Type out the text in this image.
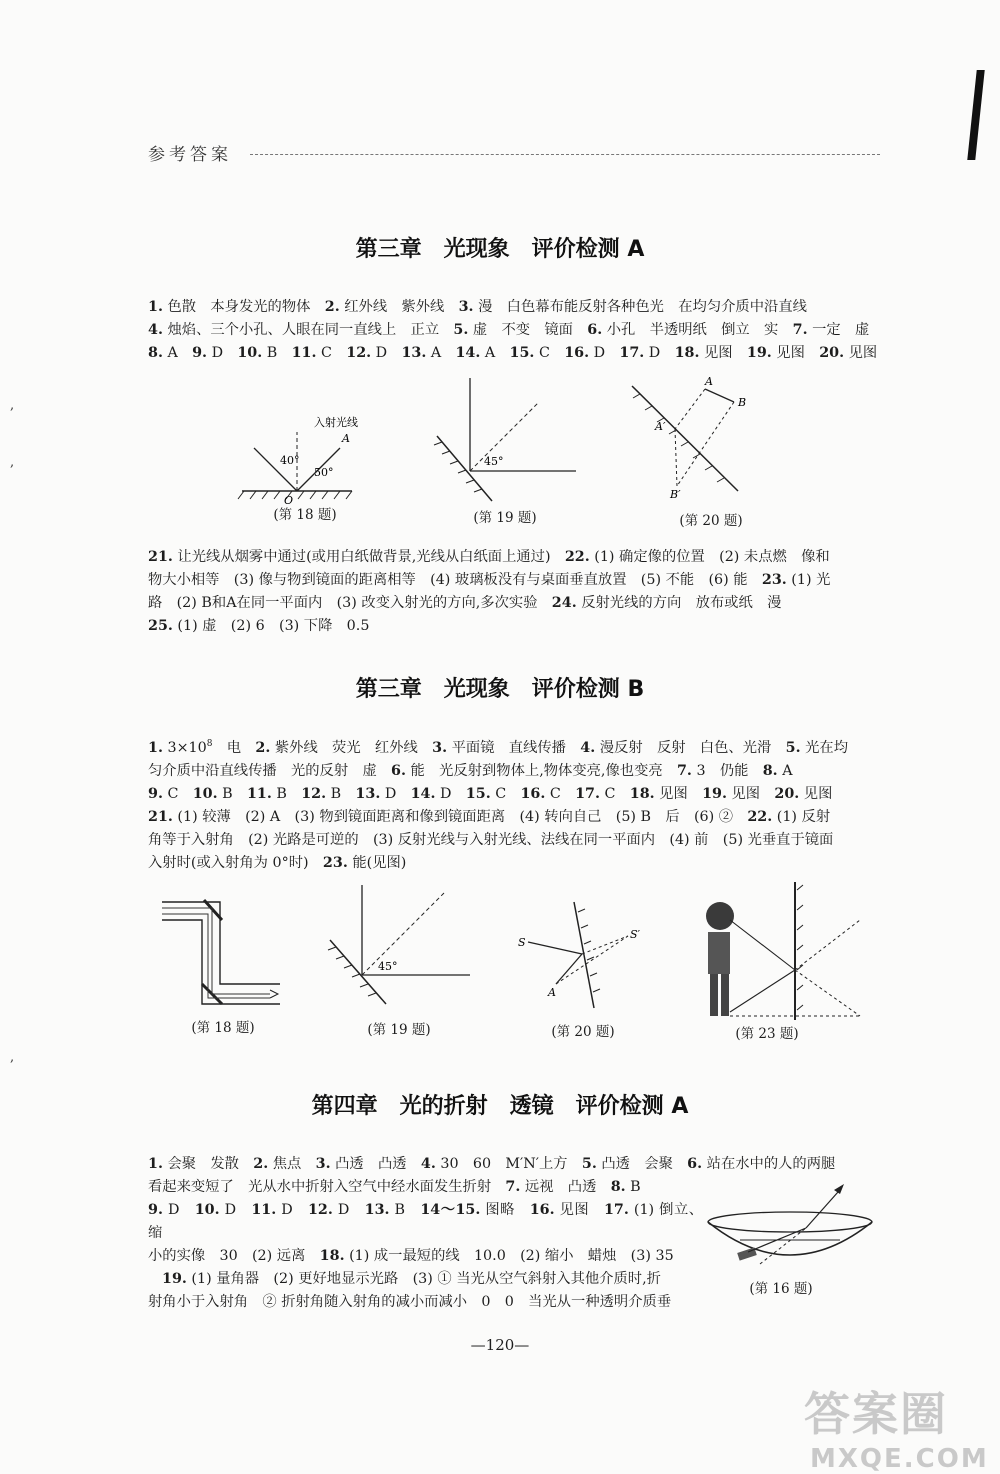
参考答案
第三章　光现象　评价检测 A
1. 色散　本身发光的物体　2. 红外线　紫外线　3. 漫　白色幕布能反射各种色光　在均匀介质中沿直线
4. 烛焰、三个小孔、人眼在同一直线上　正立　5. 虚　不变　镜面　6. 小孔　半透明纸　倒立　实　7. 一定　虚
8. A　9. D　10. B　11. C　12. D　13. A　14. A　15. C　16. D　17. D　18. 见图　19. 见图　20. 见图
入射光线
A
40°
50°
O
45°
A
B
A′
B′
(第 18 题)	(第 19 题)	(第 20 题)
21. 让光线从烟雾中通过(或用白纸做背景,光线从白纸面上通过)　22. (1) 确定像的位置　(2) 未点燃　像和
物大小相等　(3) 像与物到镜面的距离相等　(4) 玻璃板没有与桌面垂直放置　(5) 不能　(6) 能　23. (1) 光
路　(2) B和A在同一平面内　(3) 改变入射光的方向,多次实验　24. 反射光线的方向　放布或纸　漫
25. (1) 虚　(2) 6　(3) 下降　0.5
第三章　光现象　评价检测 B
1. $3\times 10^8$　电　2. 紫外线　荧光　红外线　3. 平面镜　直线传播　4. 漫反射　反射　白色、光滑　5. 光在均
匀介质中沿直线传播　光的反射　虚　6. 能　光反射到物体上,物体变亮,像也变亮　7. 3　仍能　8. A
9. C　10. B　11. B　12. B　13. D　14. D　15. C　16. C　17. C　18. 见图　19. 见图　20. 见图
21. (1) 较薄　(2) A　(3) 物到镜面距离和像到镜面距离　(4) 转向自己　(5) B　后　(6) ②　22. (1) 反射
角等于入射角　(2) 光路是可逆的　(3) 反射光线与入射光线、法线在同一平面内　(4) 前　(5) 光垂直于镜面
入射时(或入射角为 0°时)　23. 能(见图)
45°
S
S′
A
(第 18 题)	(第 19 题)	(第 20 题)	(第 23 题)
第四章　光的折射　透镜　评价检测 A
1. 会聚　发散　2. 焦点　3. 凸透　凸透　4. 30　60　M′N′上方　5. 凸透　会聚　6. 站在水中的人的两腿
看起来变短了　光从水中折射入空气中经水面发生折射　7. 远视　凸透　8. B
9. D　10. D　11. D　12. D　13. B　14～15. 图略　16. 见图　17. (1) 倒立、缩
小的实像　30　(2) 远离　18. (1) 成一最短的线　10.0　(2) 缩小　蜡烛　(3) 35
19. (1) 量角器　(2) 更好地显示光路　(3) ① 当光从空气斜射入其他介质时,折
射角小于入射角　② 折射角随入射角的减小而减小　0　0　当光从一种透明介质垂
(第 16 题)
—120—
答案圈
MXQE.COM
,
,
,
